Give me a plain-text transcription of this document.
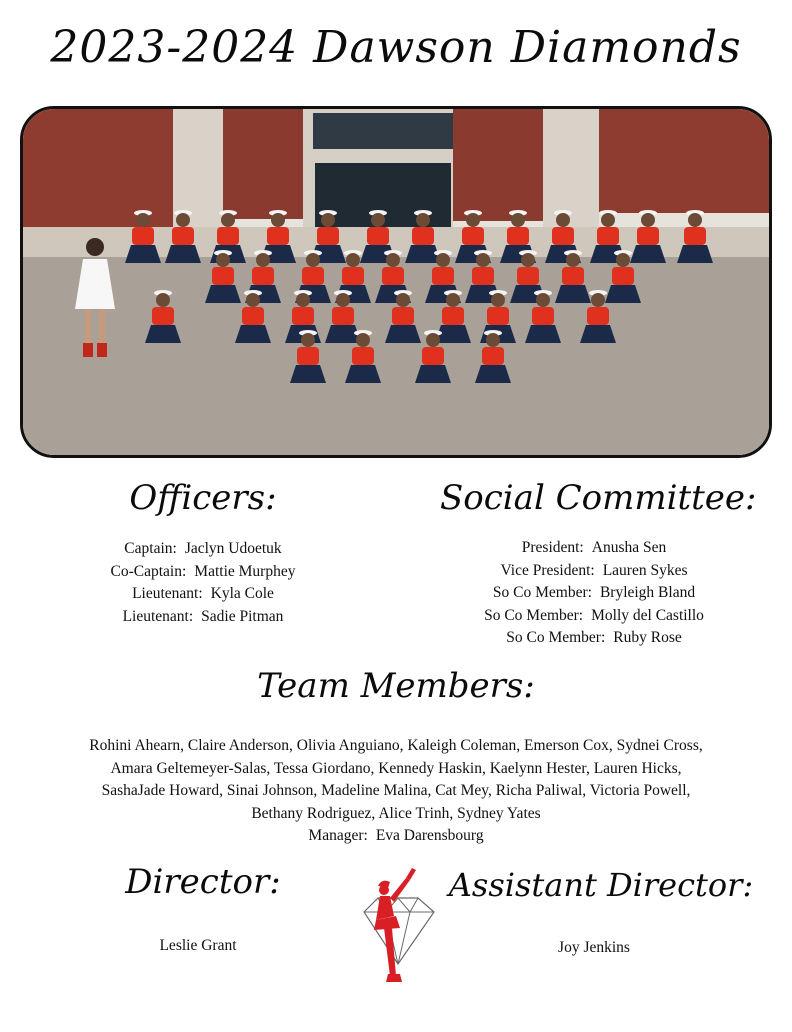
2023-2024 Dawson Diamonds
Officers:
Captain: Jaclyn Udoetuk
Co-Captain: Mattie Murphey
Lieutenant: Kyla Cole
Lieutenant: Sadie Pitman
Social Committee:
President: Anusha Sen
Vice President: Lauren Sykes
So Co Member: Bryleigh Bland
So Co Member: Molly del Castillo
So Co Member: Ruby Rose
Team Members:
Rohini Ahearn, Claire Anderson, Olivia Anguiano, Kaleigh Coleman, Emerson Cox, Sydnei Cross,
Amara Geltemeyer-Salas, Tessa Giordano, Kennedy Haskin, Kaelynn Hester, Lauren Hicks,
SashaJade Howard, Sinai Johnson, Madeline Malina, Cat Mey, Richa Paliwal, Victoria Powell,
Bethany Rodriguez, Alice Trinh, Sydney Yates
Manager: Eva Darensbourg
Director:
Leslie Grant
Assistant Director:
Joy Jenkins
